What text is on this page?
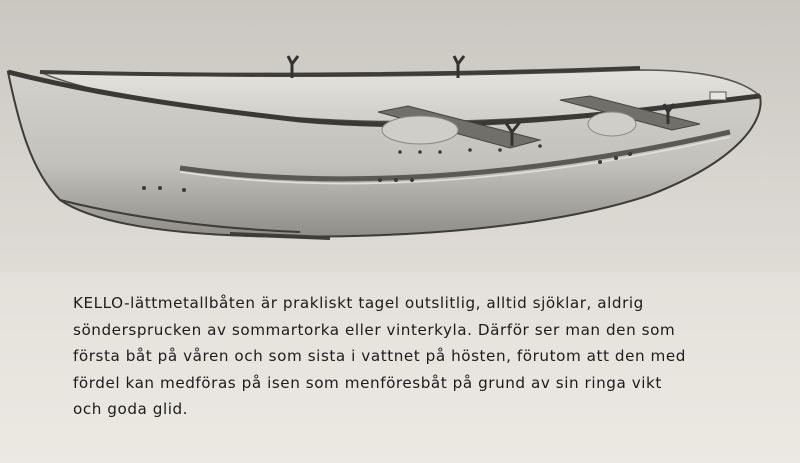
KELLO-lättmetallbåten är prakliskt tagel outslitlig, alltid sjöklar, aldrig
söndersprucken av sommartorka eller vinterkyla. Därför ser man den som
första båt på våren och som sista i vattnet på hösten, förutom att den med
fördel kan medföras på isen som menföresbåt på grund av sin ringa vikt
och goda glid.
